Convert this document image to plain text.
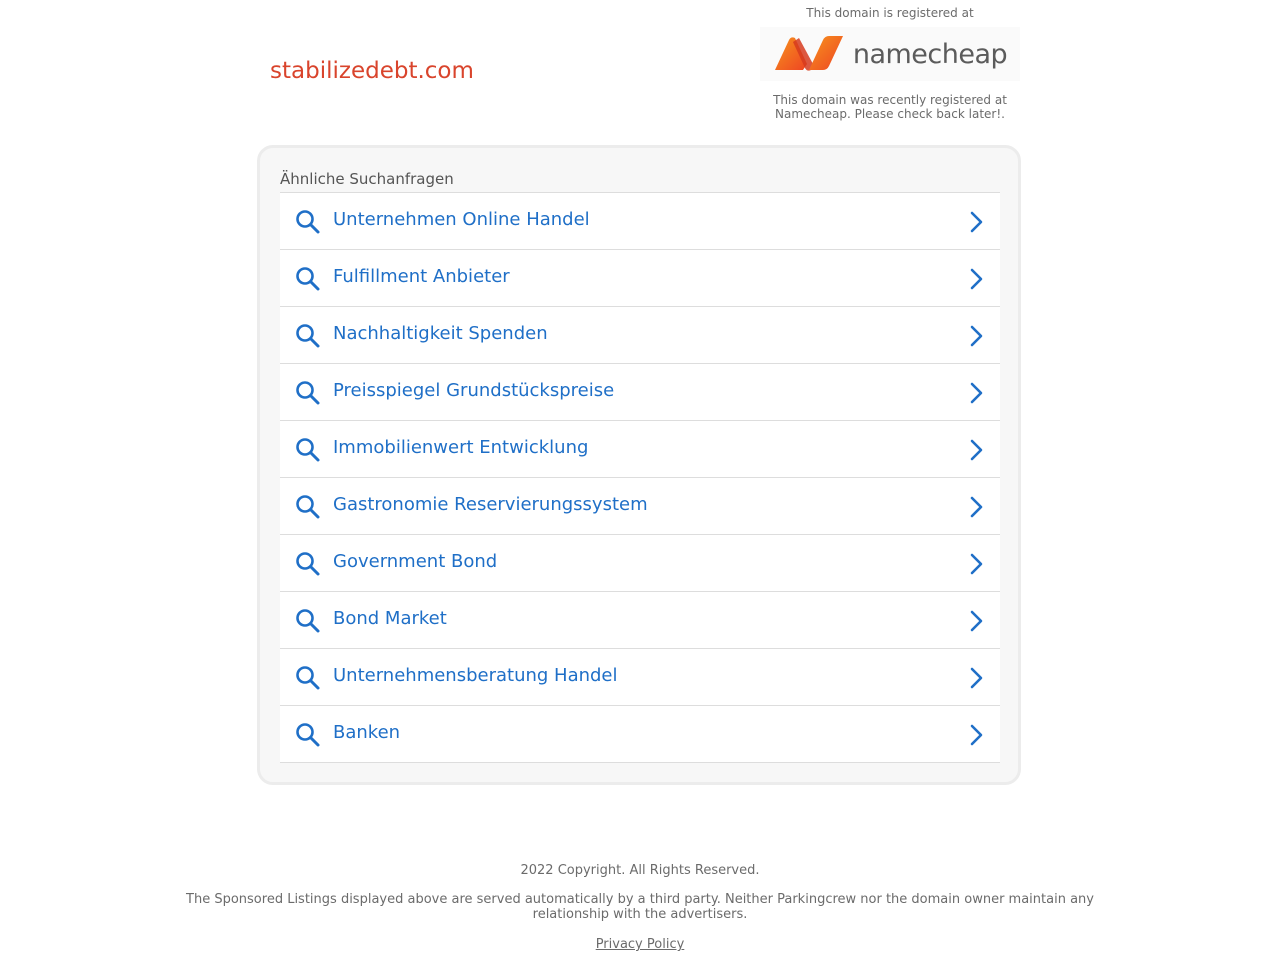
stabilizedebt.com
This domain is registered at
namecheap
This domain was recently registered at Namecheap. Please check back later!.
Ähnliche Suchanfragen
Unternehmen Online Handel
Fulfillment Anbieter
Nachhaltigkeit Spenden
Preisspiegel Grundstückspreise
Immobilienwert Entwicklung
Gastronomie Reservierungssystem
Government Bond
Bond Market
Unternehmensberatung Handel
Banken
2022 Copyright. All Rights Reserved.
The Sponsored Listings displayed above are served automatically by a third party. Neither Parkingcrew nor the domain owner maintain any relationship with the advertisers.
Privacy Policy
